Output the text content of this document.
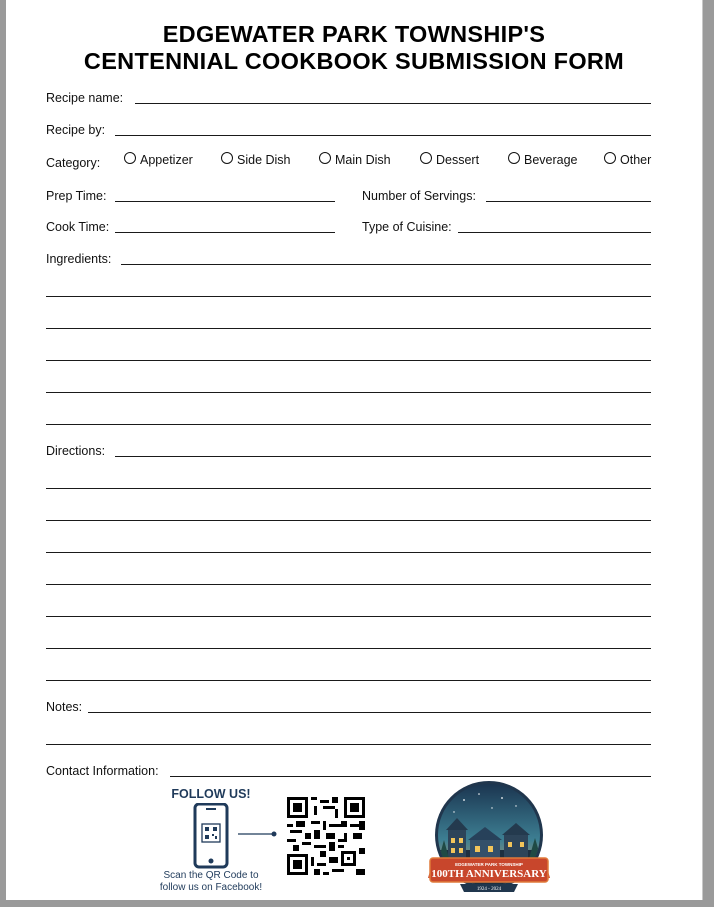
EDGEWATER PARK TOWNSHIP'S
CENTENNIAL COOKBOOK SUBMISSION FORM
Recipe name:
Recipe by:
Category:	Appetizer	Side Dish	Main Dish	Dessert	Beverage	Other
Prep Time:	Number of Servings:
Cook Time:	Type of Cuisine:
Ingredients:
Directions:
Notes:
Contact Information:
FOLLOW US!
Scan the QR Code to
follow us on Facebook!
EDGEWATER PARK TOWNSHIP
100TH ANNIVERSARY
1924 - 2024
